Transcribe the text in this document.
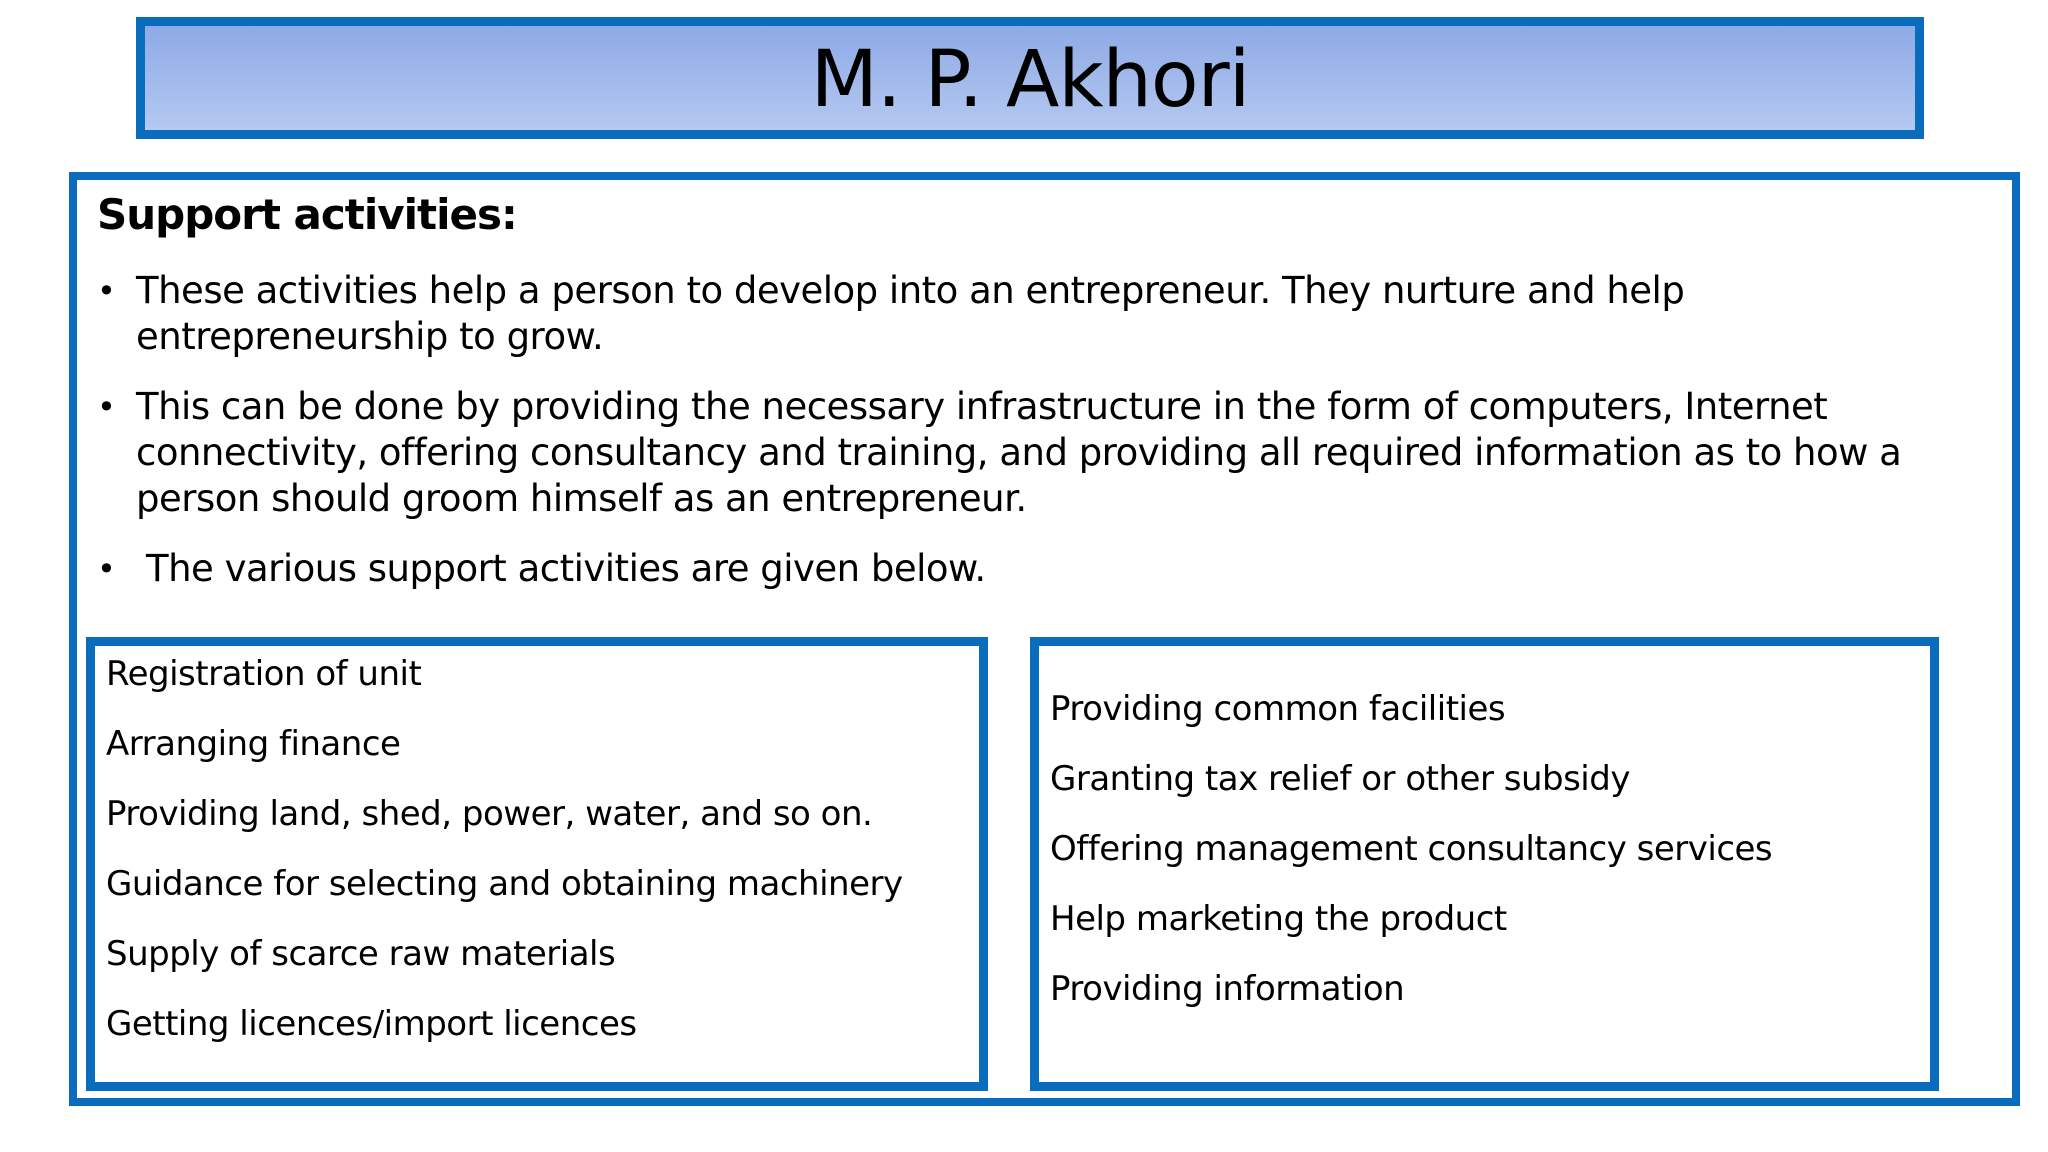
M. P. Akhori
Support activities:
• These activities help a person to develop into an entrepreneur. They nurture and help entrepreneurship to grow.
• This can be done by providing the necessary infrastructure in the form of computers, Internet connectivity, offering consultancy and training, and providing all required information as to how a person should groom himself as an entrepreneur.
• The various support activities are given below.
Registration of unit
Arranging finance
Providing land, shed, power, water, and so on.
Guidance for selecting and obtaining machinery
Supply of scarce raw materials
Getting licences/import licences
Providing common facilities
Granting tax relief or other subsidy
Offering management consultancy services
Help marketing the product
Providing information
